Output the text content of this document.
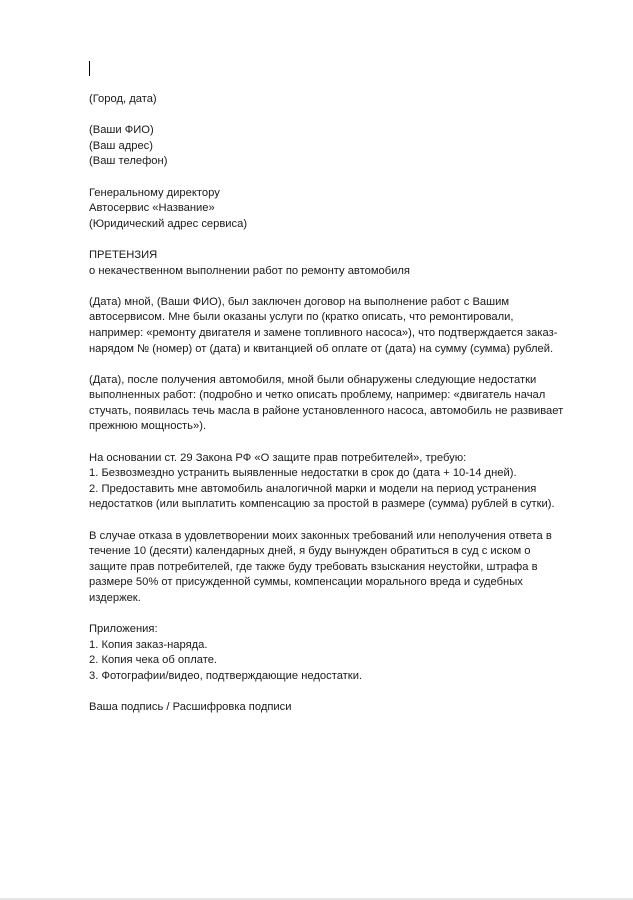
(Город, дата)
(Ваши ФИО)
(Ваш адрес)
(Ваш телефон)
Генеральному директору
Автосервис «Название»
(Юридический адрес сервиса)
ПРЕТЕНЗИЯ
о некачественном выполнении работ по ремонту автомобиля
(Дата) мной, (Ваши ФИО), был заключен договор на выполнение работ с Вашим
автосервисом. Мне были оказаны услуги по (кратко описать, что ремонтировали,
например: «ремонту двигателя и замене топливного насоса»), что подтверждается заказ-
нарядом № (номер) от (дата) и квитанцией об оплате от (дата) на сумму (сумма) рублей.
(Дата), после получения автомобиля, мной были обнаружены следующие недостатки
выполненных работ: (подробно и четко описать проблему, например: «двигатель начал
стучать, появилась течь масла в районе установленного насоса, автомобиль не развивает
прежнюю мощность»).
На основании ст. 29 Закона РФ «О защите прав потребителей», требую:
1. Безвозмездно устранить выявленные недостатки в срок до (дата + 10-14 дней).
2. Предоставить мне автомобиль аналогичной марки и модели на период устранения
недостатков (или выплатить компенсацию за простой в размере (сумма) рублей в сутки).
В случае отказа в удовлетворении моих законных требований или неполучения ответа в
течение 10 (десяти) календарных дней, я буду вынужден обратиться в суд с иском о
защите прав потребителей, где также буду требовать взыскания неустойки, штрафа в
размере 50% от присужденной суммы, компенсации морального вреда и судебных
издержек.
Приложения:
1. Копия заказ-наряда.
2. Копия чека об оплате.
3. Фотографии/видео, подтверждающие недостатки.
Ваша подпись / Расшифровка подписи
